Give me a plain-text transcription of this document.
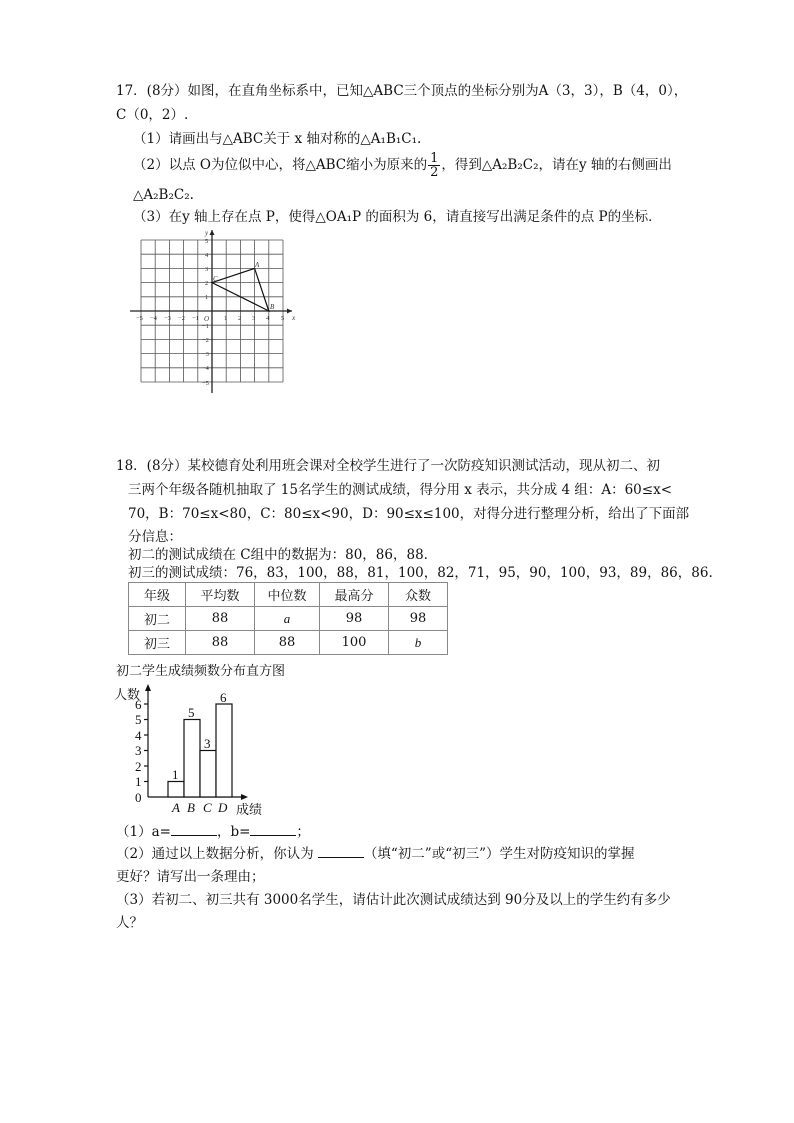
17．(8分）如图，在直角坐标系中，已知△ABC三个顶点的坐标分别为A（3，3），B（4，0），
C（0，2）.
（1）请画出与△ABC关于 x 轴对称的△A₁B₁C₁.
（2）以点 O为位似中心，将△ABC缩小为原来的 $\frac{1}{2}$ ，得到△A₂B₂C₂，请在y 轴的右侧画出
△A₂B₂C₂.
（3）在y 轴上存在点 P，使得△OA₁P 的面积为 6，请直接写出满足条件的点 P的坐标．
x
y
O
A
B
C
−5 −4 −3 −2 −1	1 2 3 4 5
5
4
3
2
1
−1
−2
−3
−4
−5
18．(8分）某校德育处利用班会课对全校学生进行了一次防疫知识测试活动，现从初二、初
三两个年级各随机抽取了 15名学生的测试成绩，得分用 x 表示，共分成 4 组：A：60≤x<
70，B：70≤x<80，C：80≤x<90，D：90≤x≤100，对得分进行整理分析，给出了下面部
分信息：
初二的测试成绩在 C组中的数据为：80，86，88.
初三的测试成绩：76，83，100，88，81，100，82，71，95，90，100，93，89，86，86.
年级	平均数	中位数	最高分	众数
初二	88	a	98	98
初三	88	88	100	b
初二学生成绩频数分布直方图
人数
0
1
2
3
4
5
6
1
5
3
6
A B C D 成绩
（1）a=	，b=	；
（2）通过以上数据分析，你认为	（填“初二”或“初三”）学生对防疫知识的掌握
更好？请写出一条理由；
（3）若初二、初三共有 3000名学生，请估计此次测试成绩达到 90分及以上的学生约有多少
人？
